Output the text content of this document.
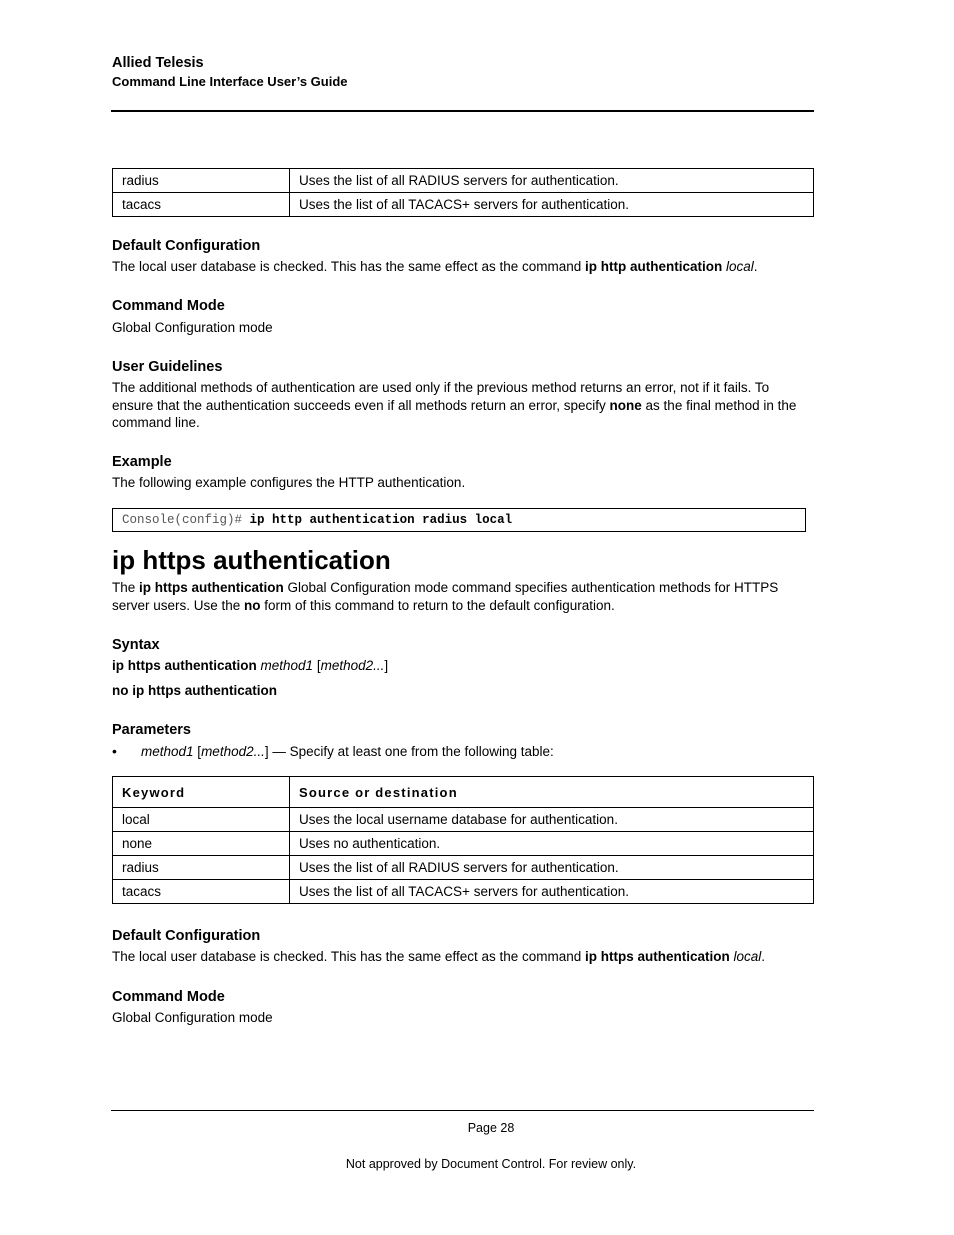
Allied Telesis
Command Line Interface User’s Guide
radius	Uses the list of all RADIUS servers for authentication.
tacacs	Uses the list of all TACACS+ servers for authentication.
Default Configuration
The local user database is checked. This has the same effect as the command ip http authentication local.
Command Mode
Global Configuration mode
User Guidelines
The additional methods of authentication are used only if the previous method returns an error, not if it fails. To ensure that the authentication succeeds even if all methods return an error, specify none as the final method in the command line.
Example
The following example configures the HTTP authentication.
Console(config)# ip http authentication radius local
ip https authentication
The ip https authentication Global Configuration mode command specifies authentication methods for HTTPS server users. Use the no form of this command to return to the default configuration.
Syntax
ip https authentication method1 [method2...]
no ip https authentication
Parameters
• method1 [method2...] — Specify at least one from the following table:
Keyword	Source or destination
local	Uses the local username database for authentication.
none	Uses no authentication.
radius	Uses the list of all RADIUS servers for authentication.
tacacs	Uses the list of all TACACS+ servers for authentication.
Default Configuration
The local user database is checked. This has the same effect as the command ip https authentication local.
Command Mode
Global Configuration mode
Page 28
Not approved by Document Control. For review only.
